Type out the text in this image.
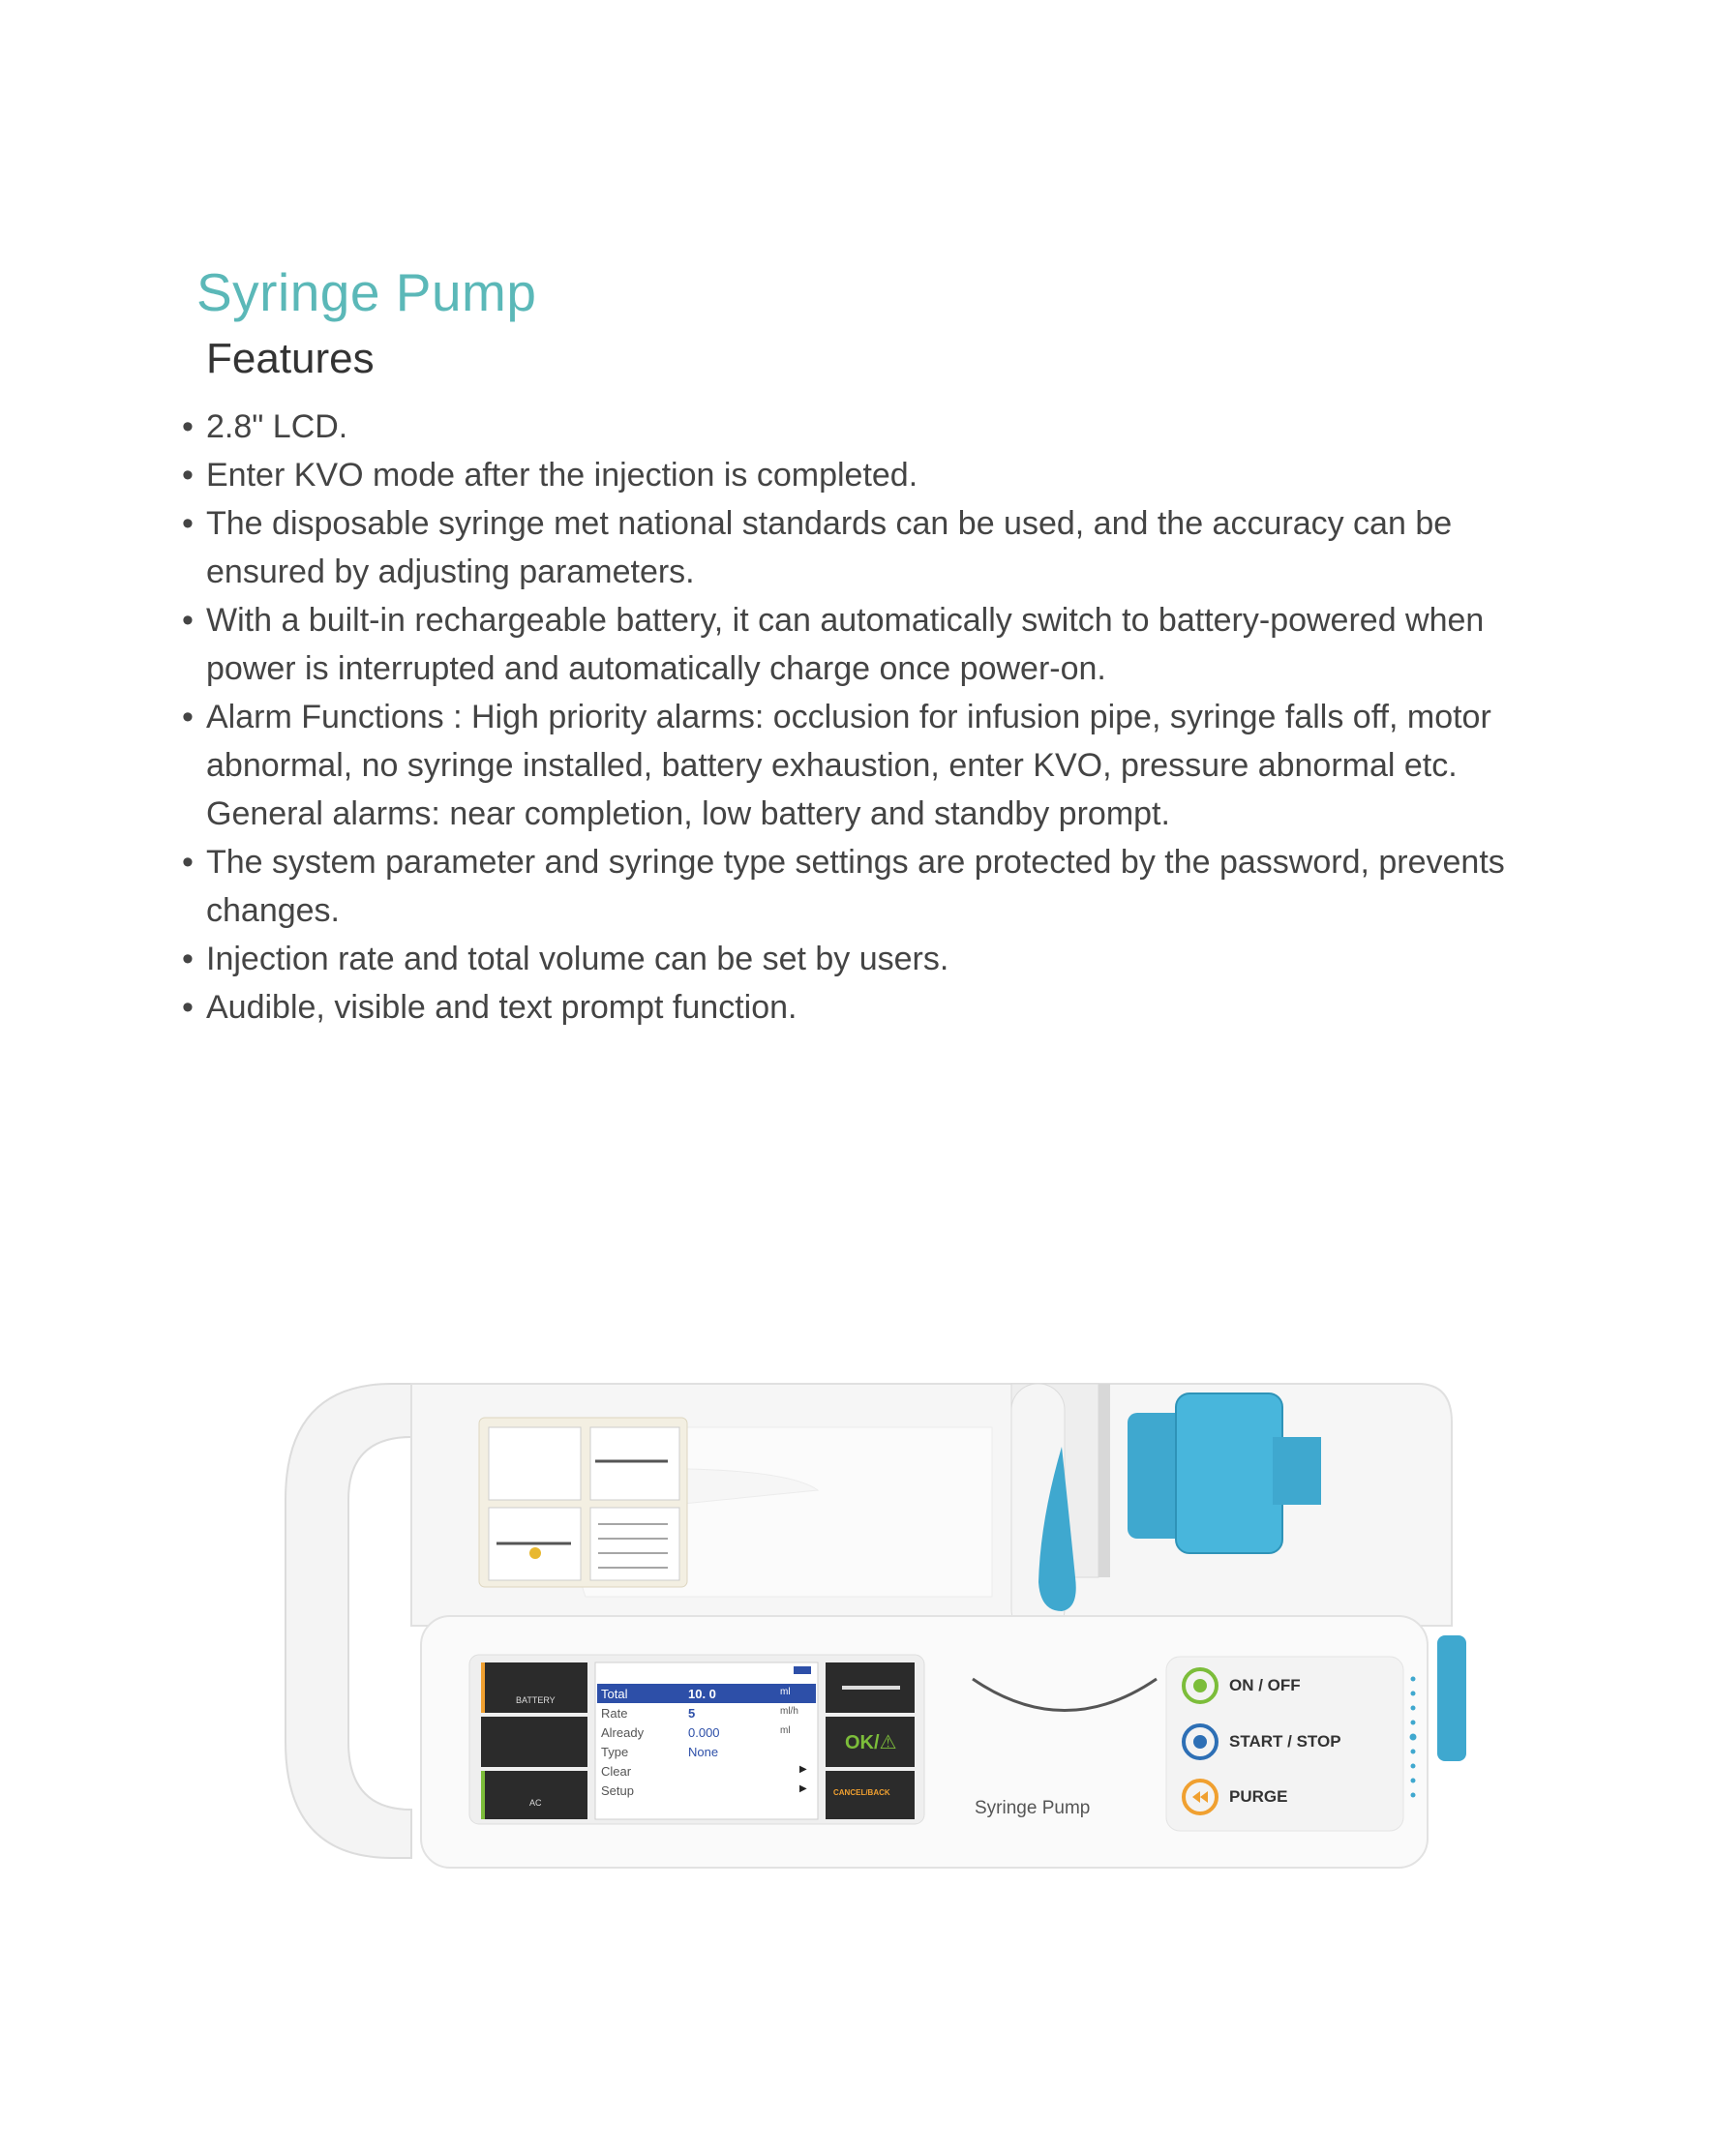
Syringe Pump
Features
• 2.8" LCD.
• Enter KVO mode after the injection is completed.
• The disposable syringe met national standards can be used, and the accuracy can be ensured by adjusting parameters.
• With a built-in rechargeable battery, it can automatically switch to battery-powered when power is interrupted and automatically charge once power-on.
• Alarm Functions : High priority alarms: occlusion for infusion pipe, syringe falls off, motor abnormal, no syringe installed, battery exhaustion, enter KVO, pressure abnormal etc. General alarms: near completion, low battery and standby prompt.
• The system parameter and syringe type settings are protected by the password, prevents changes.
• Injection rate and total volume can be set by users.
• Audible, visible and text prompt function.
BATTERY
AC
Total	10. 0	ml
Rate	5	ml/h
Already	0.000	ml
Type	None
Clear	▶
Setup	▶
OK/⚠
CANCEL/BACK
Syringe Pump
ON / OFF
START / STOP
PURGE
